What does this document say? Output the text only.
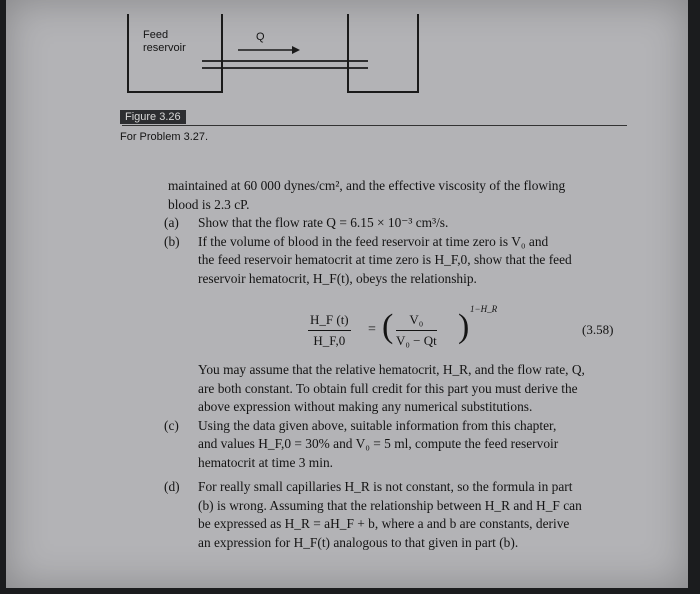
Feed
reservoir
Q
Figure 3.26
For Problem 3.27.
maintained at 60 000 dynes/cm², and the effective viscosity of the flowing
blood is 2.3 cP.
(a)	Show that the flow rate Q = 6.15 × 10⁻³ cm³/s.
(b)	If the volume of blood in the feed reservoir at time zero is V₀ and
the feed reservoir hematocrit at time zero is H_F,0, show that the feed
reservoir hematocrit, H_F(t), obeys the relationship.
$\frac{H\_F (t)}{H\_F,0}$ = ( $\frac{\text{V₀}}{\text{V₀ − Qt}}$ ) 1−H_R
(3.58)
You may assume that the relative hematocrit, H_R, and the flow rate, Q,
are both constant. To obtain full credit for this part you must derive the
above expression without making any numerical substitutions.
(c)	Using the data given above, suitable information from this chapter,
and values H_F,0 = 30% and V₀ = 5 ml, compute the feed reservoir
hematocrit at time 3 min.
(d)	For really small capillaries H_R is not constant, so the formula in part
(b) is wrong. Assuming that the relationship between H_R and H_F can
be expressed as H_R = aH_F + b, where a and b are constants, derive
an expression for H_F(t) analogous to that given in part (b).
